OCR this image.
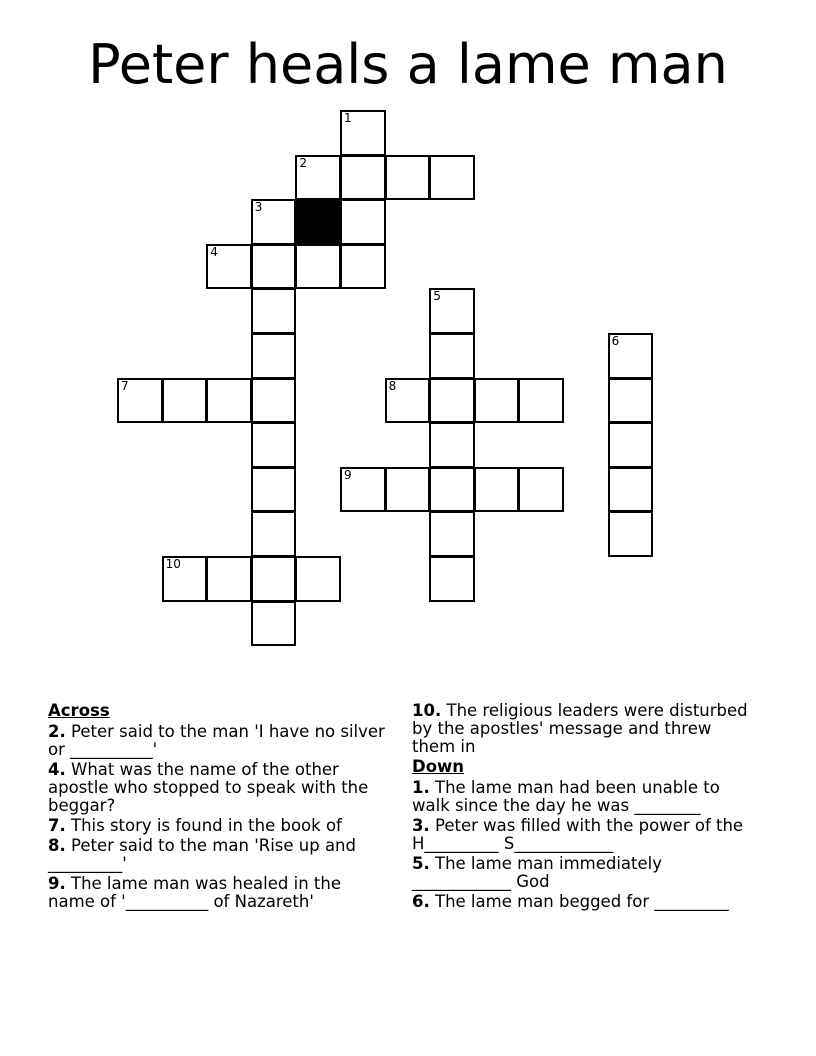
Peter heals a lame man
1
2
3
4
5
6
7	8
9
10
Across
2. Peter said to the man 'I have no silver or __________'
4. What was the name of the other apostle who stopped to speak with the beggar?
7. This story is found in the book of
8. Peter said to the man 'Rise up and _________'
9. The lame man was healed in the name of '__________ of Nazareth'
10. The religious leaders were disturbed by the apostles' message and threw them in
Down
1. The lame man had been unable to walk since the day he was ________
3. Peter was filled with the power of the H_________ S____________
5. The lame man immediately ____________ God
6. The lame man begged for _________
